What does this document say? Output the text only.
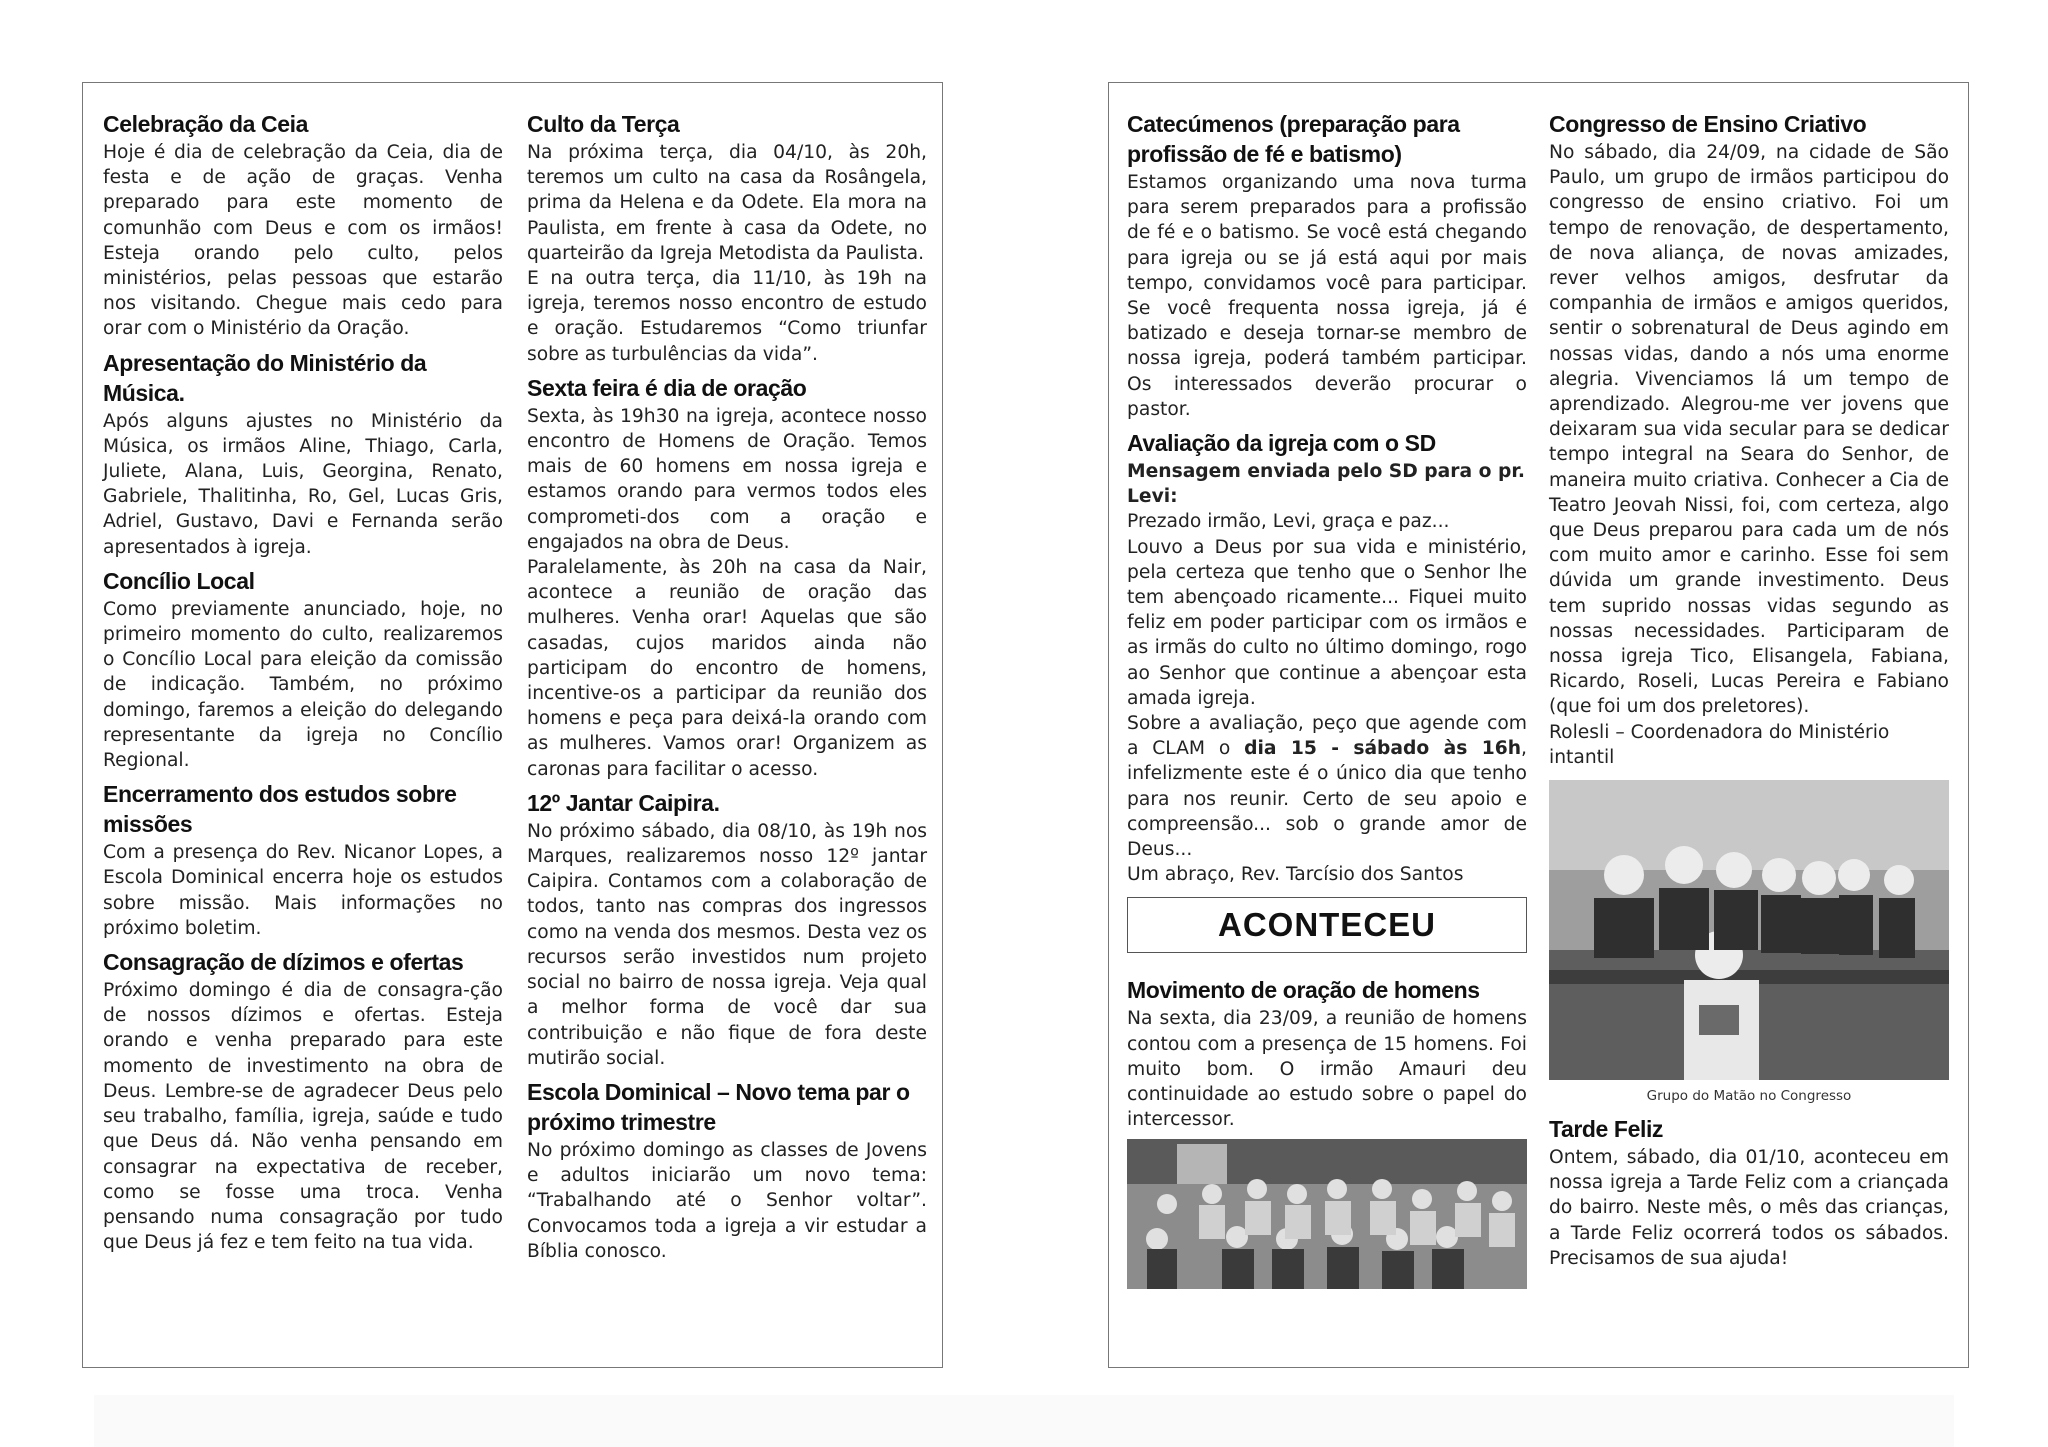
Celebração da Ceia

Hoje é dia de celebração da Ceia, dia de festa e de ação de graças. Venha preparado para este momento de comunhão com Deus e com os irmãos! Esteja orando pelo culto, pelos ministérios, pelas pessoas que estarão nos visitando. Chegue mais cedo para orar com o Ministério da Oração.

Apresentação do Ministério da Música.

Após alguns ajustes no Ministério da Música, os irmãos Aline, Thiago, Carla, Juliete, Alana, Luis, Georgina, Renato, Gabriele, Thalitinha, Ro, Gel, Lucas Gris, Adriel, Gustavo, Davi e Fernanda serão apresentados à igreja.

Concílio Local

Como previamente anunciado, hoje, no primeiro momento do culto, realizaremos o Concílio Local para eleição da comissão de indicação. Também, no próximo domingo, faremos a eleição do delegando representante da igreja no Concílio Regional.

Encerramento dos estudos sobre missões

Com a presença do Rev. Nicanor Lopes, a Escola Dominical encerra hoje os estudos sobre missão. Mais informações no próximo boletim.

Consagração de dízimos e ofertas

Próximo domingo é dia de consagra-ção de nossos dízimos e ofertas. Esteja orando e venha preparado para este momento de investimento na obra de Deus. Lembre-se de agradecer Deus pelo seu trabalho, família, igreja, saúde e tudo que Deus dá. Não venha pensando em consagrar na expectativa de receber, como se fosse uma troca. Venha pensando numa consagração por tudo que Deus já fez e tem feito na tua vida.

Culto da Terça

Na próxima terça, dia 04/10, às 20h, teremos um culto na casa da Rosângela, prima da Helena e da Odete. Ela mora na Paulista, em frente à casa da Odete, no quarteirão da Igreja Metodista da Paulista.

E na outra terça, dia 11/10, às 19h na igreja, teremos nosso encontro de estudo e oração. Estudaremos “Como triunfar sobre as turbulências da vida”.

Sexta feira é dia de oração

Sexta, às 19h30 na igreja, acontece nosso encontro de Homens de Oração. Temos mais de 60 homens em nossa igreja e estamos orando para vermos todos eles comprometi-dos com a oração e engajados na obra de Deus.

Paralelamente, às 20h na casa da Nair, acontece a reunião de oração das mulheres. Venha orar! Aquelas que são casadas, cujos maridos ainda não participam do encontro de homens, incentive-os a participar da reunião dos homens e peça para deixá-la orando com as mulheres. Vamos orar! Organizem as caronas para facilitar o acesso.

12º Jantar Caipira.

No próximo sábado, dia 08/10, às 19h nos Marques, realizaremos nosso 12º jantar Caipira. Contamos com a colaboração de todos, tanto nas compras dos ingressos como na venda dos mesmos. Desta vez os recursos serão investidos num projeto social no bairro de nossa igreja. Veja qual a melhor forma de você dar sua contribuição e não fique de fora deste mutirão social.

Escola Dominical – Novo tema par o próximo trimestre

No próximo domingo as classes de Jovens e adultos iniciarão um novo tema: “Trabalhando até o Senhor voltar”. Convocamos toda a igreja a vir estudar a Bíblia conosco.

Catecúmenos (preparação para profissão de fé e batismo)

Estamos organizando uma nova turma para serem preparados para a profissão de fé e o batismo. Se você está chegando para igreja ou se já está aqui por mais tempo, convidamos você para participar. Se você frequenta nossa igreja, já é batizado e deseja tornar-se membro de nossa igreja, poderá também participar. Os interessados deverão procurar o pastor.

Avaliação da igreja com o SD

Mensagem enviada pelo SD para o pr. Levi:

Prezado irmão, Levi, graça e paz...

Louvo a Deus por sua vida e ministério, pela certeza que tenho que o Senhor lhe tem abençoado ricamente... Fiquei muito feliz em poder participar com os irmãos e as irmãs do culto no último domingo, rogo ao Senhor que continue a abençoar esta amada igreja.

Sobre a avaliação, peço que agende com a CLAM o dia 15 - sábado às 16h, infelizmente este é o único dia que tenho para nos reunir. Certo de seu apoio e compreensão... sob o grande amor de Deus...

Um abraço, Rev. Tarcísio dos Santos

ACONTECEU
Movimento de oração de homens

Na sexta, dia 23/09, a reunião de homens contou com a presença de 15 homens. Foi muito bom. O irmão Amauri deu continuidade ao estudo sobre o papel do intercessor.

Congresso de Ensino Criativo

No sábado, dia 24/09, na cidade de São Paulo, um grupo de irmãos participou do congresso de ensino criativo. Foi um tempo de renovação, de despertamento, de nova aliança, de novas amizades, rever velhos amigos, desfrutar da companhia de irmãos e amigos queridos, sentir o sobrenatural de Deus agindo em nossas vidas, dando a nós uma enorme alegria. Vivenciamos lá um tempo de aprendizado. Alegrou-me ver jovens que deixaram sua vida secular para se dedicar tempo integral na Seara do Senhor, de maneira muito criativa. Conhecer a Cia de Teatro Jeovah Nissi, foi, com certeza, algo que Deus preparou para cada um de nós com muito amor e carinho. Esse foi sem dúvida um grande investimento. Deus tem suprido nossas vidas segundo as nossas necessidades. Participaram de nossa igreja Tico, Elisangela, Fabiana, Ricardo, Roseli, Lucas Pereira e Fabiano (que foi um dos preletores).

Rolesli – Coordenadora do Ministério intantil

Grupo do Matão no Congresso
Tarde Feliz

Ontem, sábado, dia 01/10, aconteceu em nossa igreja a Tarde Feliz com a criançada do bairro. Neste mês, o mês das crianças, a Tarde Feliz ocorrerá todos os sábados. Precisamos de sua ajuda!
